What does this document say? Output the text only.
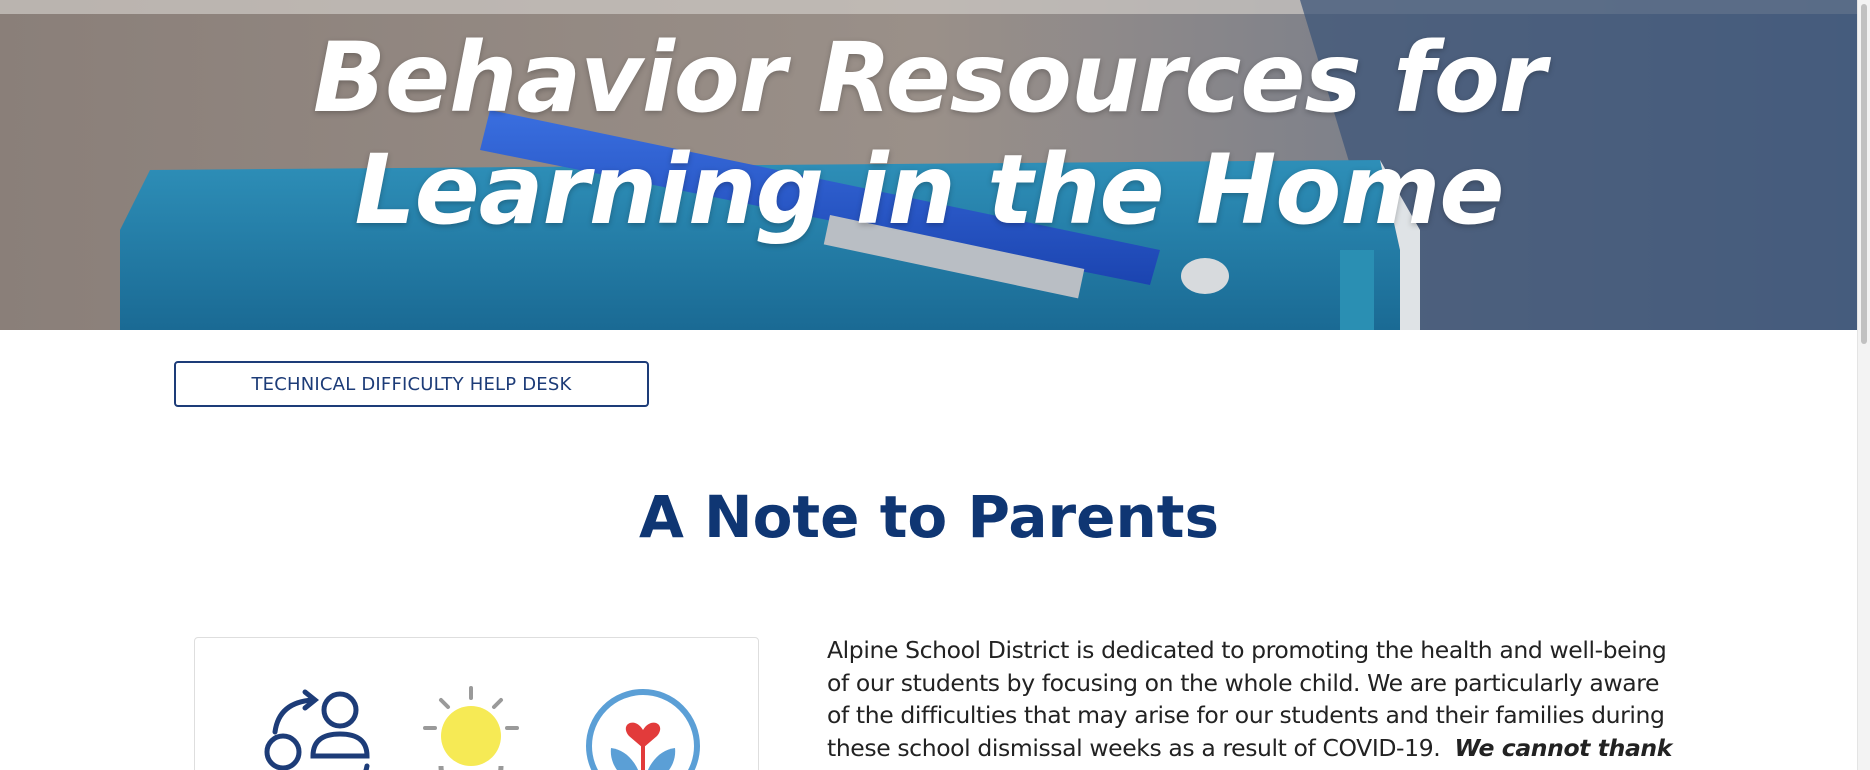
Behavior Resources for
Learning in the Home
TECHNICAL DIFFICULTY HELP DESK
A Note to Parents

Alpine School District is dedicated to promoting the health and well-being of our students by focusing on the whole child. We are particularly aware of the difficulties that may arise for our students and their families during these school dismissal weeks as a result of COVID-19. We cannot thank
